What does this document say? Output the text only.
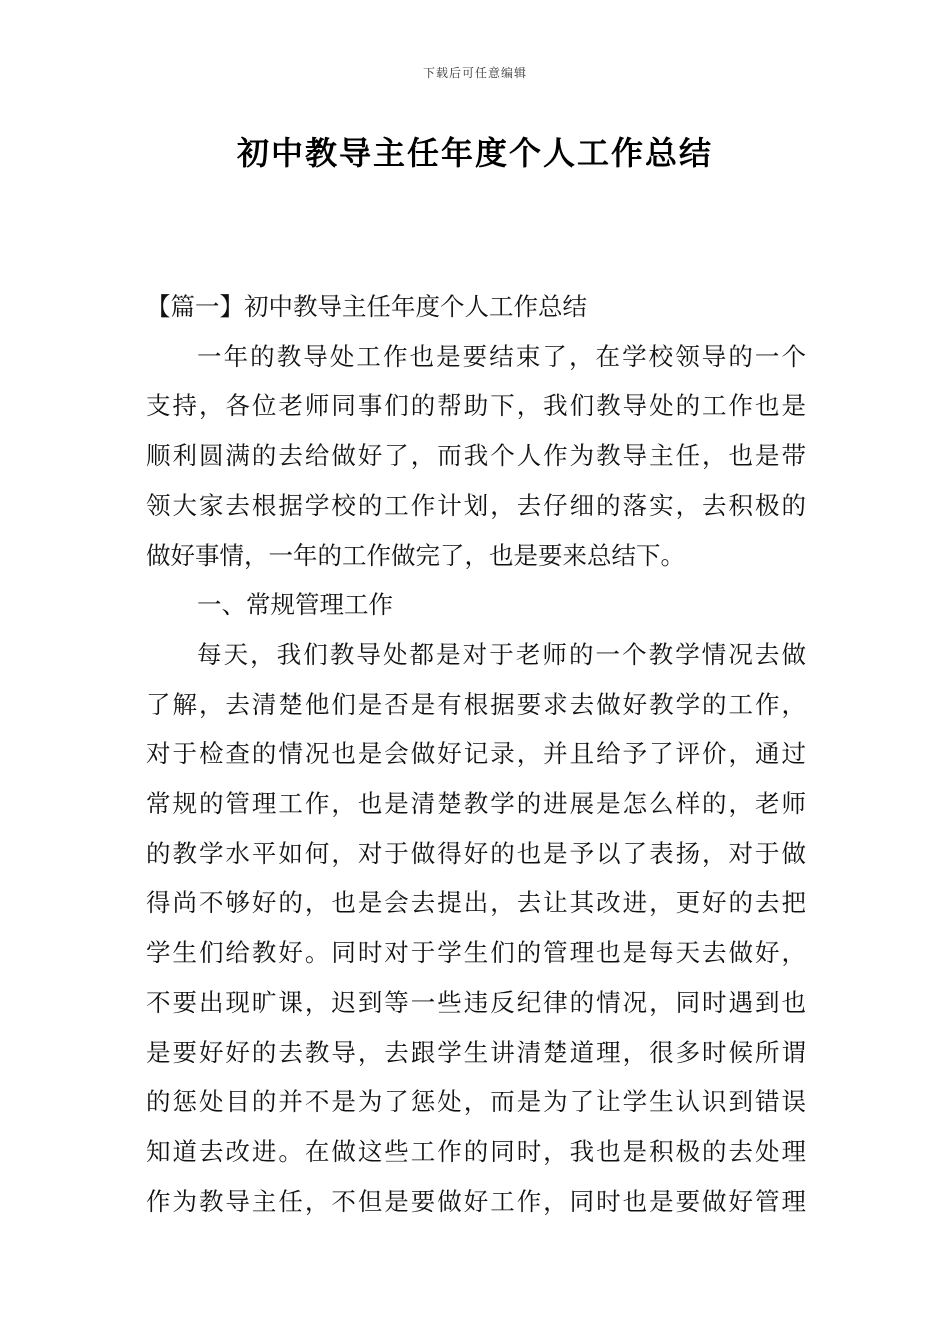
下载后可任意编辑
初中教导主任年度个人工作总结

【篇一】初中教导主任年度个人工作总结

一年的教导处工作也是要结束了，在学校领导的一个
支持，各位老师同事们的帮助下，我们教导处的工作也是
顺利圆满的去给做好了，而我个人作为教导主任，也是带
领大家去根据学校的工作计划，去仔细的落实，去积极的
做好事情，一年的工作做完了，也是要来总结下。

一、常规管理工作

每天，我们教导处都是对于老师的一个教学情况去做
了解，去清楚他们是否是有根据要求去做好教学的工作，
对于检查的情况也是会做好记录，并且给予了评价，通过
常规的管理工作，也是清楚教学的进展是怎么样的，老师
的教学水平如何，对于做得好的也是予以了表扬，对于做
得尚不够好的，也是会去提出，去让其改进，更好的去把
学生们给教好。同时对于学生们的管理也是每天去做好，
不要出现旷课，迟到等一些违反纪律的情况，同时遇到也
是要好好的去教导，去跟学生讲清楚道理，很多时候所谓
的惩处目的并不是为了惩处，而是为了让学生认识到错误
知道去改进。在做这些工作的同时，我也是积极的去处理
作为教导主任，不但是要做好工作，同时也是要做好管理
